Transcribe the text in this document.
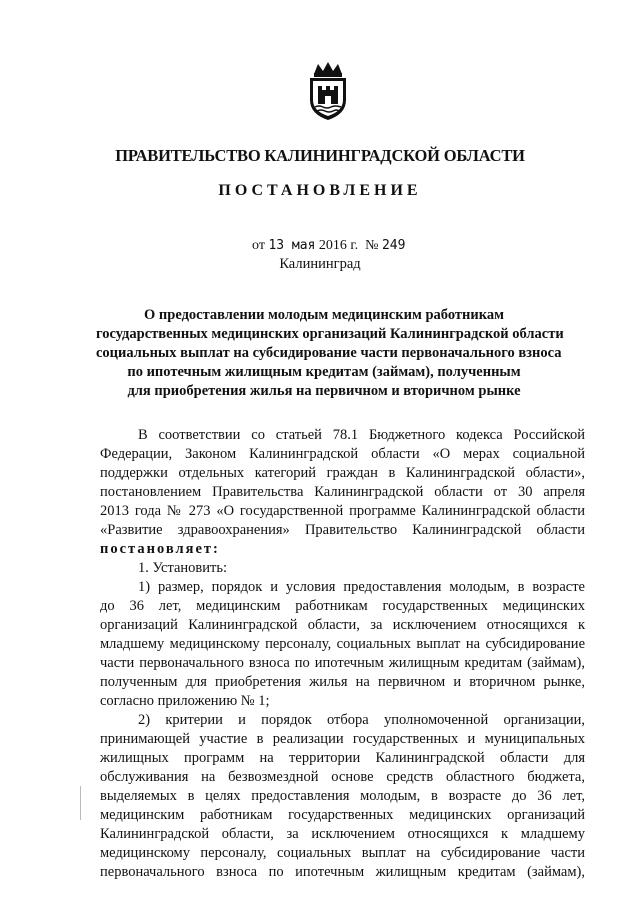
ПРАВИТЕЛЬСТВО КАЛИНИНГРАДСКОЙ ОБЛАСТИ
ПОСТАНОВЛЕНИЕ
от 13 мая 2016 г. № 249
Калининград
О предоставлении молодым медицинским работникам
государственных медицинских организаций Калининградской области
социальных выплат на субсидирование части первоначального взноса
по ипотечным жилищным кредитам (займам), полученным
для приобретения жилья на первичном и вторичном рынке
В соответствии со статьей 78.1 Бюджетного кодекса Российской
Федерации, Законом Калининградской области «О мерах социальной
поддержки отдельных категорий граждан в Калининградской области»,
постановлением Правительства Калининградской области от 30 апреля
2013 года № 273 «О государственной программе Калининградской области
«Развитие здравоохранения» Правительство Калининградской области
постановляет:
1. Установить:
1) размер, порядок и условия предоставления молодым, в возрасте
до 36 лет, медицинским работникам государственных медицинских
организаций Калининградской области, за исключением относящихся к
младшему медицинскому персоналу, социальных выплат на субсидирование
части первоначального взноса по ипотечным жилищным кредитам (займам),
полученным для приобретения жилья на первичном и вторичном рынке,
согласно приложению № 1;
2) критерии и порядок отбора уполномоченной организации,
принимающей участие в реализации государственных и муниципальных
жилищных программ на территории Калининградской области для
обслуживания на безвозмездной основе средств областного бюджета,
выделяемых в целях предоставления молодым, в возрасте до 36 лет,
медицинским работникам государственных медицинских организаций
Калининградской области, за исключением относящихся к младшему
медицинскому персоналу, социальных выплат на субсидирование части
первоначального взноса по ипотечным жилищным кредитам (займам),
